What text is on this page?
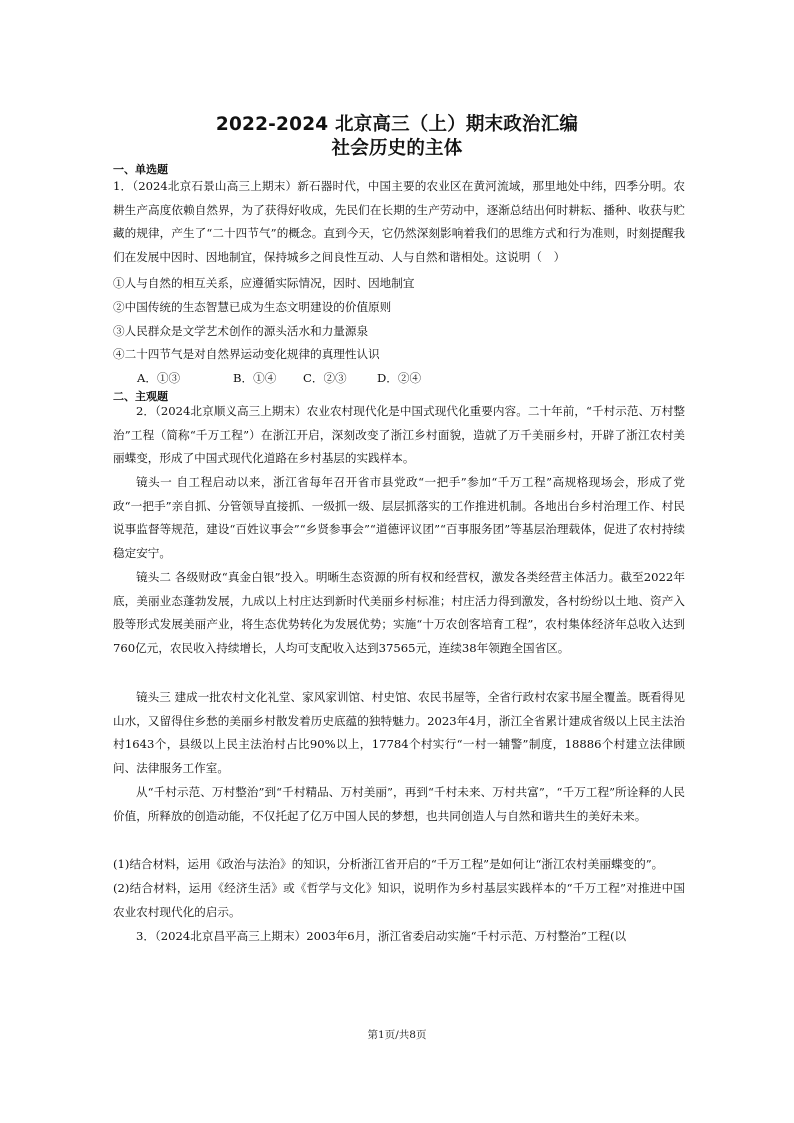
2022-2024 北京高三（上）期末政治汇编
社会历史的主体
一、单选题
1．（2024北京石景山高三上期末）新石器时代，中国主要的农业区在黄河流域，那里地处中纬，四季分明。农耕生产高度依赖自然界，为了获得好收成，先民们在长期的生产劳动中，逐渐总结出何时耕耘、播种、收获与贮藏的规律，产生了“二十四节气”的概念。直到今天，它仍然深刻影响着我们的思维方式和行为准则，时刻提醒我们在发展中因时、因地制宜，保持城乡之间良性互动、人与自然和谐相处。这说明（　）
①人与自然的相互关系，应遵循实际情况，因时、因地制宜
②中国传统的生态智慧已成为生态文明建设的价值原则
③人民群众是文学艺术创作的源头活水和力量源泉
④二十四节气是对自然界运动变化规律的真理性认识
A．①③	B．①④ C．②③	D．②④
二、主观题
2．（2024北京顺义高三上期末）农业农村现代化是中国式现代化重要内容。二十年前，“千村示范、万村整治”工程（简称“千万工程”）在浙江开启，深刻改变了浙江乡村面貌，造就了万千美丽乡村，开辟了浙江农村美丽蝶变，形成了中国式现代化道路在乡村基层的实践样本。
镜头一 自工程启动以来，浙江省每年召开省市县党政“一把手”参加“千万工程”高规格现场会，形成了党政“一把手”亲自抓、分管领导直接抓、一级抓一级、层层抓落实的工作推进机制。各地出台乡村治理工作、村民说事监督等规范，建设“百姓议事会”“乡贤参事会”“道德评议团”“百事服务团”等基层治理载体，促进了农村持续稳定安宁。
镜头二 各级财政“真金白银”投入。明晰生态资源的所有权和经营权，激发各类经营主体活力。截至2022年底，美丽业态蓬勃发展，九成以上村庄达到新时代美丽乡村标准；村庄活力得到激发，各村纷纷以土地、资产入股等形式发展美丽产业，将生态优势转化为发展优势；实施“十万农创客培育工程”，农村集体经济年总收入达到760亿元，农民收入持续增长，人均可支配收入达到37565元，连续38年领跑全国省区。
镜头三 建成一批农村文化礼堂、家风家训馆、村史馆、农民书屋等，全省行政村农家书屋全覆盖。既看得见山水，又留得住乡愁的美丽乡村散发着历史底蕴的独特魅力。2023年4月，浙江全省累计建成省级以上民主法治村1643个，县级以上民主法治村占比90%以上，17784个村实行“一村一辅警”制度，18886个村建立法律顾问、法律服务工作室。
从“千村示范、万村整治”到“千村精品、万村美丽”，再到“千村未来、万村共富”，“千万工程”所诠释的人民价值，所释放的创造动能，不仅托起了亿万中国人民的梦想，也共同创造人与自然和谐共生的美好未来。
(1)结合材料，运用《政治与法治》的知识，分析浙江省开启的“千万工程”是如何让“浙江农村美丽蝶变的”。
(2)结合材料，运用《经济生活》或《哲学与文化》知识，说明作为乡村基层实践样本的“千万工程”对推进中国农业农村现代化的启示。
3．（2024北京昌平高三上期末）2003年6月，浙江省委启动实施“千村示范、万村整治”工程(以
第1页/共8页
